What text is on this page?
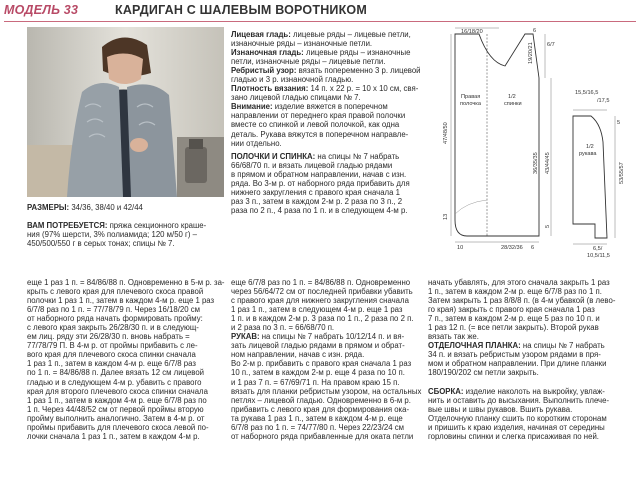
МОДЕЛЬ 33	КАРДИГАН С ШАЛЕВЫМ ВОРОТНИКОМ
РАЗМЕРЫ: 34/36, 38/40 и 42/44
ВАМ ПОТРЕБУЕТСЯ: пряжа секционного краше-
ния (97% шерсти, 3% полиамида; 120 м/50 г) –
450/500/550 г в серых тонах; спицы № 7.
Лицевая гладь: лицевые ряды – лицевые петли,
изнаночные ряды – изнаночные петли.
Изнаночная гладь: лицевые ряды – изнаночные
петли, изнаночные ряды – лицевые петли.
Ребристый узор: вязать попеременно 3 р. лицевой
гладью и 3 р. изнаночной гладью.
Плотность вязания: 14 п. х 22 р. = 10 х 10 см, свя-
зано лицевой гладью спицами № 7.
Внимание: изделие вяжется в поперечном
направлении от переднего края правой полочки
вместе со спинкой и левой полочкой, как одна
деталь. Рукава вяжутся в поперечном направле-
нии отдельно.
ПОЛОЧКИ И СПИНКА: на спицы № 7 набрать
66/68/70 п. и вязать лицевой гладью рядами
в прямом и обратном направлении, начав с изн.
ряда. Во 3-м р. от наборного ряда прибавить для
нижнего закругления с правого края сначала 1
раз 3 п., затем в каждом 2-м р. 2 раза по 3 п., 2
раза по 2 п., 4 раза по 1 п. и в следующем 4-м р.
еще 1 раз 1 п. = 84/86/88 п. Одновременно в 5-м р. за-
крыть с левого края для плечевого скоса правой
полочки 1 раз 1 п., затем в каждом 4-м р. еще 1 раз
6/7/8 раз по 1 п. = 77/78/79 п. Через 16/18/20 см
от наборного ряда начать формировать пройму:
с левого края закрыть 26/28/30 п. и в следующ-
ем лиц. ряду эти 26/28/30 п. вновь набрать =
77/78/79 П. В 4-м р. от проймы прибавить с ле-
вого края для плечевого скоса спинки сначала
1 раз 1 п., затем в каждом 4-м р. еще 6/7/8 раз
по 1 п. = 84/86/88 п. Далее вязать 12 см лицевой
гладью и в следующем 4-м р. убавить с правого
края для второго плечевого скоса спинки сначала
1 раз 1 п., затем в каждом 4-м р. еще 6/7/8 раз по
1 п. Через 44/48/52 см от первой проймы вторую
пройму выполнить аналогично. Затем в 4-м р. от
проймы прибавить для плечевого скоса левой по-
лочки сначала 1 раз 1 п., затем в каждом 4-м р.
еще 6/7/8 раз по 1 п. = 84/86/88 п. Одновременно
через 56/64/72 см от последней прибавки убавить
с правого края для нижнего закругления сначала
1 раз 1 п., затем в следующем 4-м р. еще 1 раз
1 п. и в каждом 2-м р. 3 раза по 1 п., 2 раза по 2 п.
и 2 раза по 3 п. = 66/68/70 п.
РУКАВ: на спицы № 7 набрать 10/12/14 п. и вя-
зать лицевой гладью рядами в прямом и обрат-
ном направлении, начав с изн. ряда.
Во 2-м р. прибавить с правого края сначала 1 раз
10 п., затем в каждом 2-м р. еще 4 раза по 10 п.
и 1 раз 7 п. = 67/69/71 п. На правом краю 15 п.
вязать для планки ребристым узором, на остальных
петлях – лицевой гладью. Одновременно в 6-м р.
прибавить с левого края для формирования ока-
та рукава 1 раз 1 п., затем в каждом 4-м р. еще
6/7/8 раз по 1 п. = 74/77/80 п. Через 22/23/24 см
от наборного ряда прибавленные для оката петли
начать убавлять, для этого сначала закрыть 1 раз
1 п., затем в каждом 2-м р. еще 6/7/8 раз по 1 п.
Затем закрыть 1 раз 8/8/8 п. (в 4-м убавкой (в лево-
го края) закрыть с правого края сначала 1 раз
7 п., затем в каждом 2-м р. еще 5 раз по 10 п. и
1 раз 12 п. (= все петли закрыть). Второй рукав
вязать так же.
ОТДЕЛОЧНАЯ ПЛАНКА: на спицы № 7 набрать
34 п. и вязать ребристым узором рядами в пря-
мом и обратном направлении. При длине планки
180/190/202 см петли закрыть.

СБОРКА: изделие наколоть на выкройку, увлаж-
нить и оставить до высыхания. Выполнить плече-
вые швы и швы рукавов. Вшить рукава.
Отделочную планку сшить по коротким сторонам
и пришить к краю изделия, начиная от середины
горловины спинки и слегка присаживая по ней.
16/18/20	6
6/7
19/20/21
47/48/50
36/35/35 43/44/45
13
5
10	28/32/36 6
Правая
полочка
1/2
спинки
15,5/16,5
/17,5
5
53/55/57
6,5/
10,5/11,5
1/2
рукава
